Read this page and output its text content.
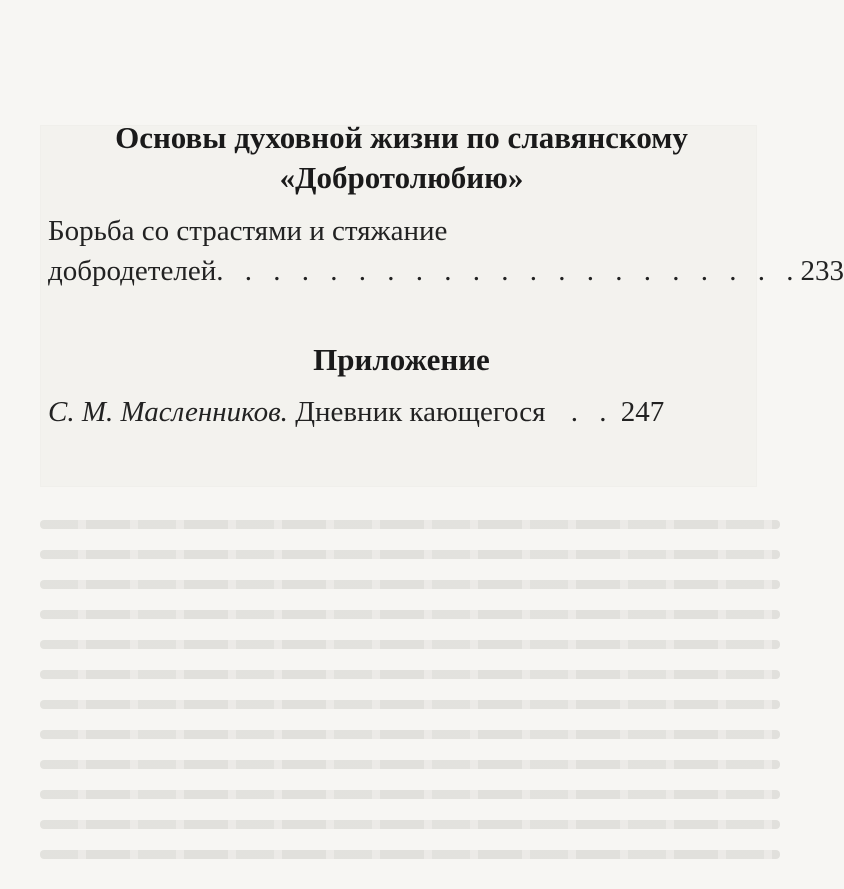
Основы духовной жизни по славянскому
«Добротолюбию»
Борьба со страстями и стяжание
добродетелей. . . . . . . . . . . . . . . . . . . . .233
Приложение
С. М. Масленников. Дневник кающегося . . 247
